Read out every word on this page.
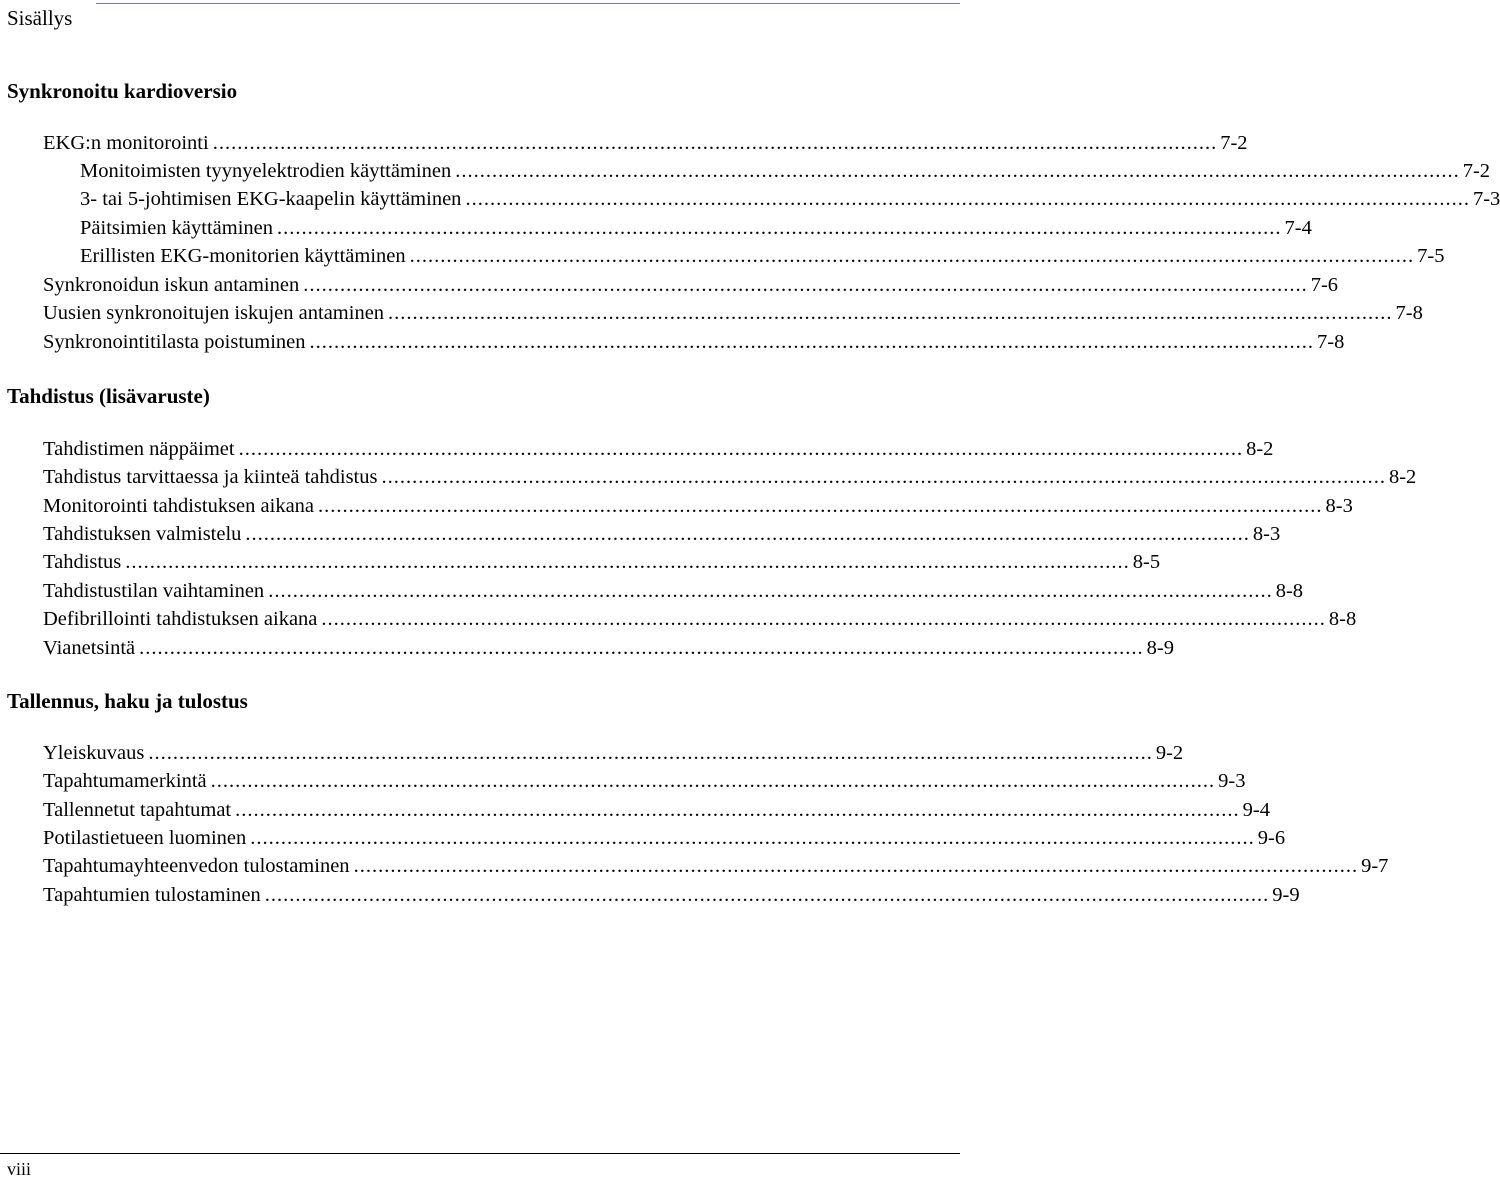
Sisällys
Synkronoitu kardioversio
EKG:n monitorointi .................................................................................................................................................................... 7-2
Monitoimisten tyynyelektrodien käyttäminen .................................................................................................................................................................... 7-2
3- tai 5-johtimisen EKG-kaapelin käyttäminen .................................................................................................................................................................... 7-3
Päitsimien käyttäminen .................................................................................................................................................................... 7-4
Erillisten EKG-monitorien käyttäminen .................................................................................................................................................................... 7-5
Synkronoidun iskun antaminen .................................................................................................................................................................... 7-6
Uusien synkronoitujen iskujen antaminen .................................................................................................................................................................... 7-8
Synkronointitilasta poistuminen .................................................................................................................................................................... 7-8
Tahdistus (lisävaruste)
Tahdistimen näppäimet .................................................................................................................................................................... 8-2
Tahdistus tarvittaessa ja kiinteä tahdistus .................................................................................................................................................................... 8-2
Monitorointi tahdistuksen aikana .................................................................................................................................................................... 8-3
Tahdistuksen valmistelu .................................................................................................................................................................... 8-3
Tahdistus .................................................................................................................................................................... 8-5
Tahdistustilan vaihtaminen .................................................................................................................................................................... 8-8
Defibrillointi tahdistuksen aikana .................................................................................................................................................................... 8-8
Vianetsintä .................................................................................................................................................................... 8-9
Tallennus, haku ja tulostus
Yleiskuvaus .................................................................................................................................................................... 9-2
Tapahtumamerkintä .................................................................................................................................................................... 9-3
Tallennetut tapahtumat .................................................................................................................................................................... 9-4
Potilastietueen luominen .................................................................................................................................................................... 9-6
Tapahtumayhteenvedon tulostaminen .................................................................................................................................................................... 9-7
Tapahtumien tulostaminen .................................................................................................................................................................... 9-9
viii
